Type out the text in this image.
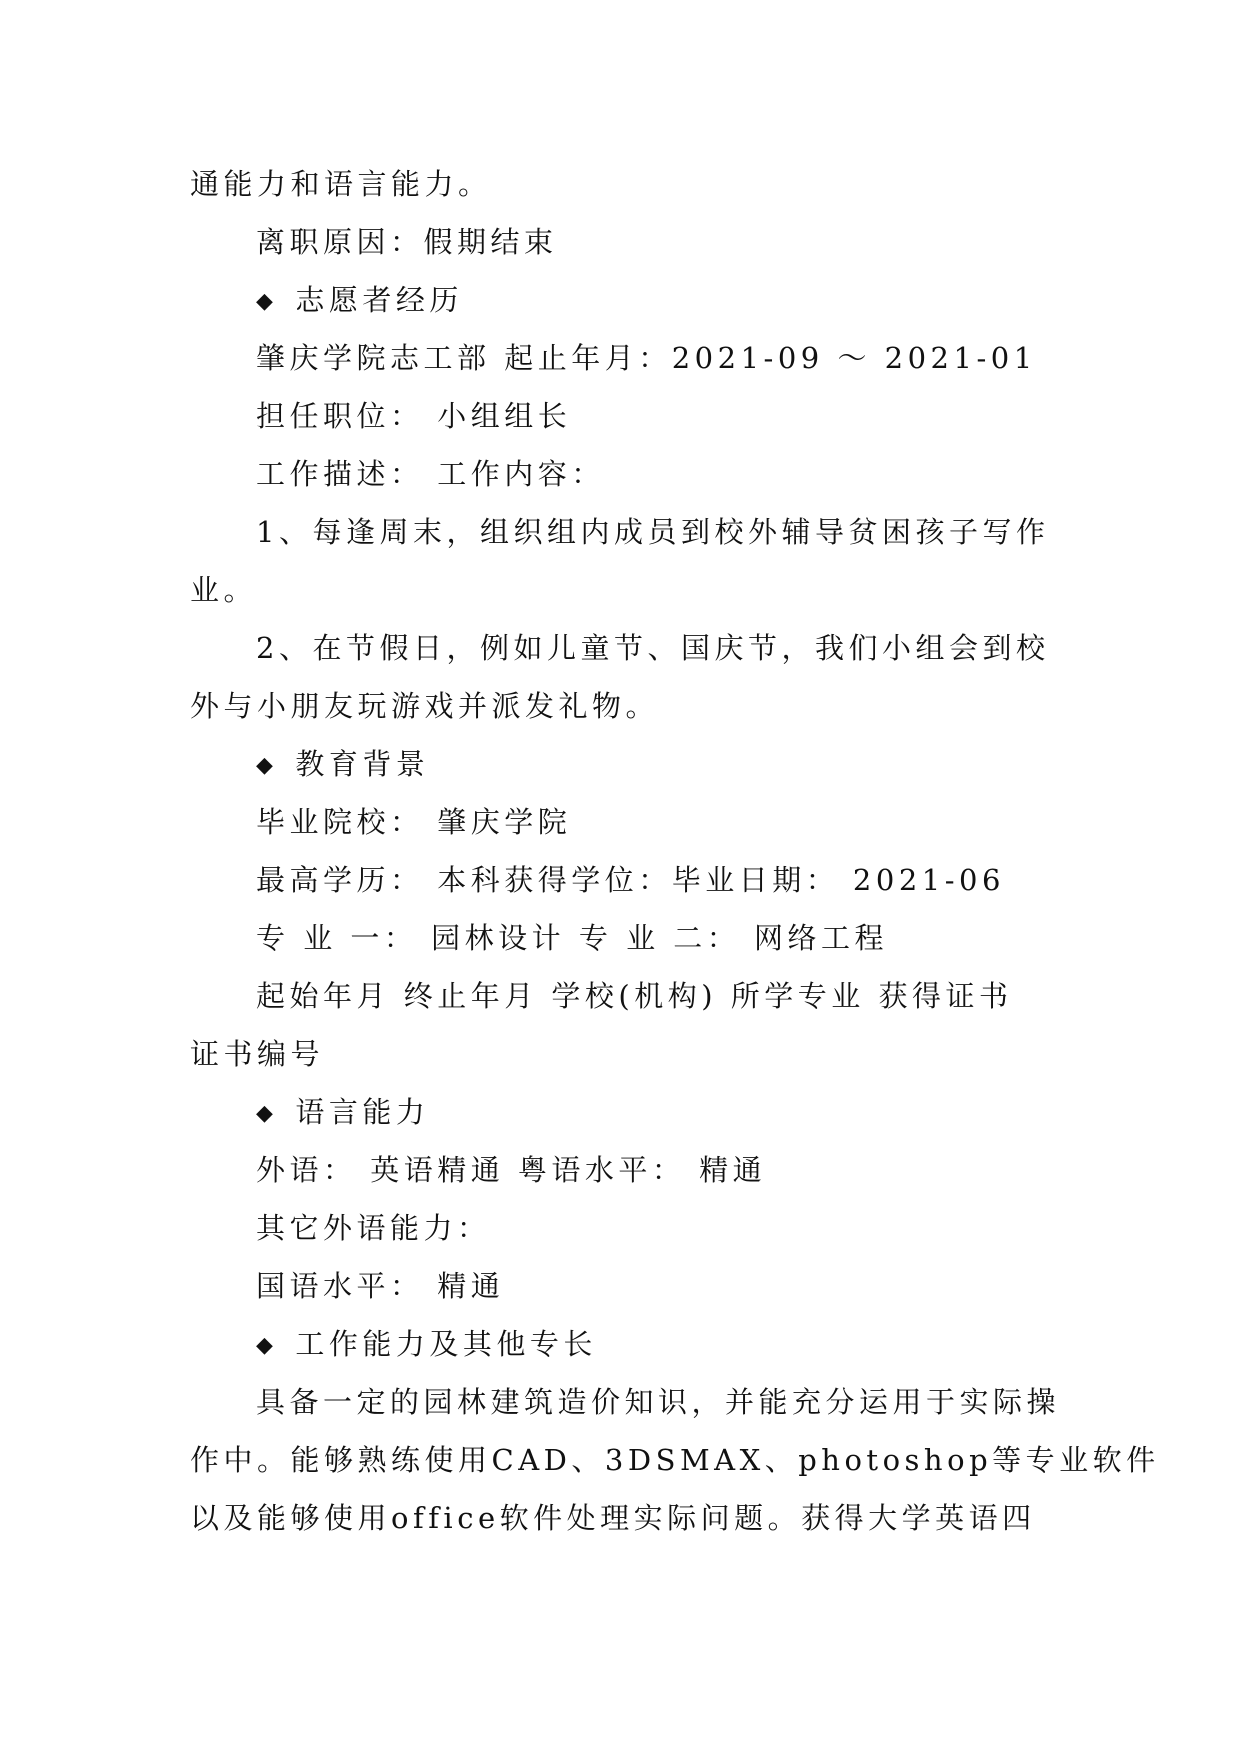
通能力和语言能力。
离职原因：假期结束
◆ 志愿者经历
肇庆学院志工部 起止年月：2021-09 ～ 2021-01
担任职位： 小组组长
工作描述： 工作内容：
1、每逢周末，组织组内成员到校外辅导贫困孩子写作
业。
2、在节假日，例如儿童节、国庆节，我们小组会到校
外与小朋友玩游戏并派发礼物。
◆ 教育背景
毕业院校： 肇庆学院
最高学历： 本科获得学位：毕业日期： 2021-06
专 业 一： 园林设计 专 业 二： 网络工程
起始年月 终止年月 学校(机构) 所学专业 获得证书
证书编号
◆ 语言能力
外语： 英语精通 粤语水平： 精通
其它外语能力：
国语水平： 精通
◆ 工作能力及其他专长
具备一定的园林建筑造价知识，并能充分运用于实际操
作中。能够熟练使用CAD、3DSMAX、photoshop等专业软件
以及能够使用office软件处理实际问题。获得大学英语四
